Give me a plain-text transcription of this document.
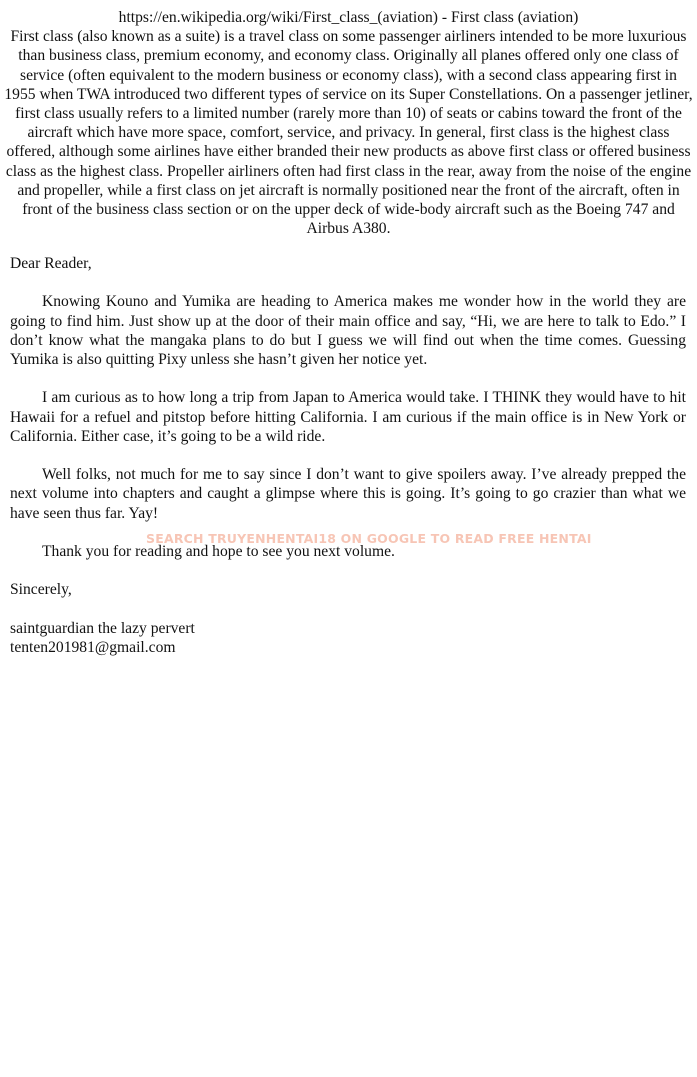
https://en.wikipedia.org/wiki/First_class_(aviation) - First class (aviation)

First class (also known as a suite) is a travel class on some passenger airliners intended to be more luxurious than business class, premium economy, and economy class. Originally all planes offered only one class of service (often equivalent to the modern business or economy class), with a second class appearing first in 1955 when TWA introduced two different types of service on its Super Constellations. On a passenger jetliner, first class usually refers to a limited number (rarely more than 10) of seats or cabins toward the front of the aircraft which have more space, comfort, service, and privacy. In general, first class is the highest class offered, although some airlines have either branded their new products as above first class or offered business class as the highest class. Propeller airliners often had first class in the rear, away from the noise of the engine and propeller, while a first class on jet aircraft is normally positioned near the front of the aircraft, often in front of the business class section or on the upper deck of wide-body aircraft such as the Boeing 747 and Airbus A380.

Dear Reader,

Knowing Kouno and Yumika are heading to America makes me wonder how in the world they are going to find him. Just show up at the door of their main office and say, “Hi, we are here to talk to Edo.” I don’t know what the mangaka plans to do but I guess we will find out when the time comes. Guessing Yumika is also quitting Pixy unless she hasn’t given her notice yet.

I am curious as to how long a trip from Japan to America would take. I THINK they would have to hit Hawaii for a refuel and pitstop before hitting California. I am curious if the main office is in New York or California. Either case, it’s going to be a wild ride.

Well folks, not much for me to say since I don’t want to give spoilers away. I’ve already prepped the next volume into chapters and caught a glimpse where this is going. It’s going to go crazier than what we have seen thus far. Yay!

Thank you for reading and hope to see you next volume.

Sincerely,

saintguardian the lazy pervert

tenten201981@gmail.com

SEARCH TRUYENHENTAI18 ON GOOGLE TO READ FREE HENTAI
